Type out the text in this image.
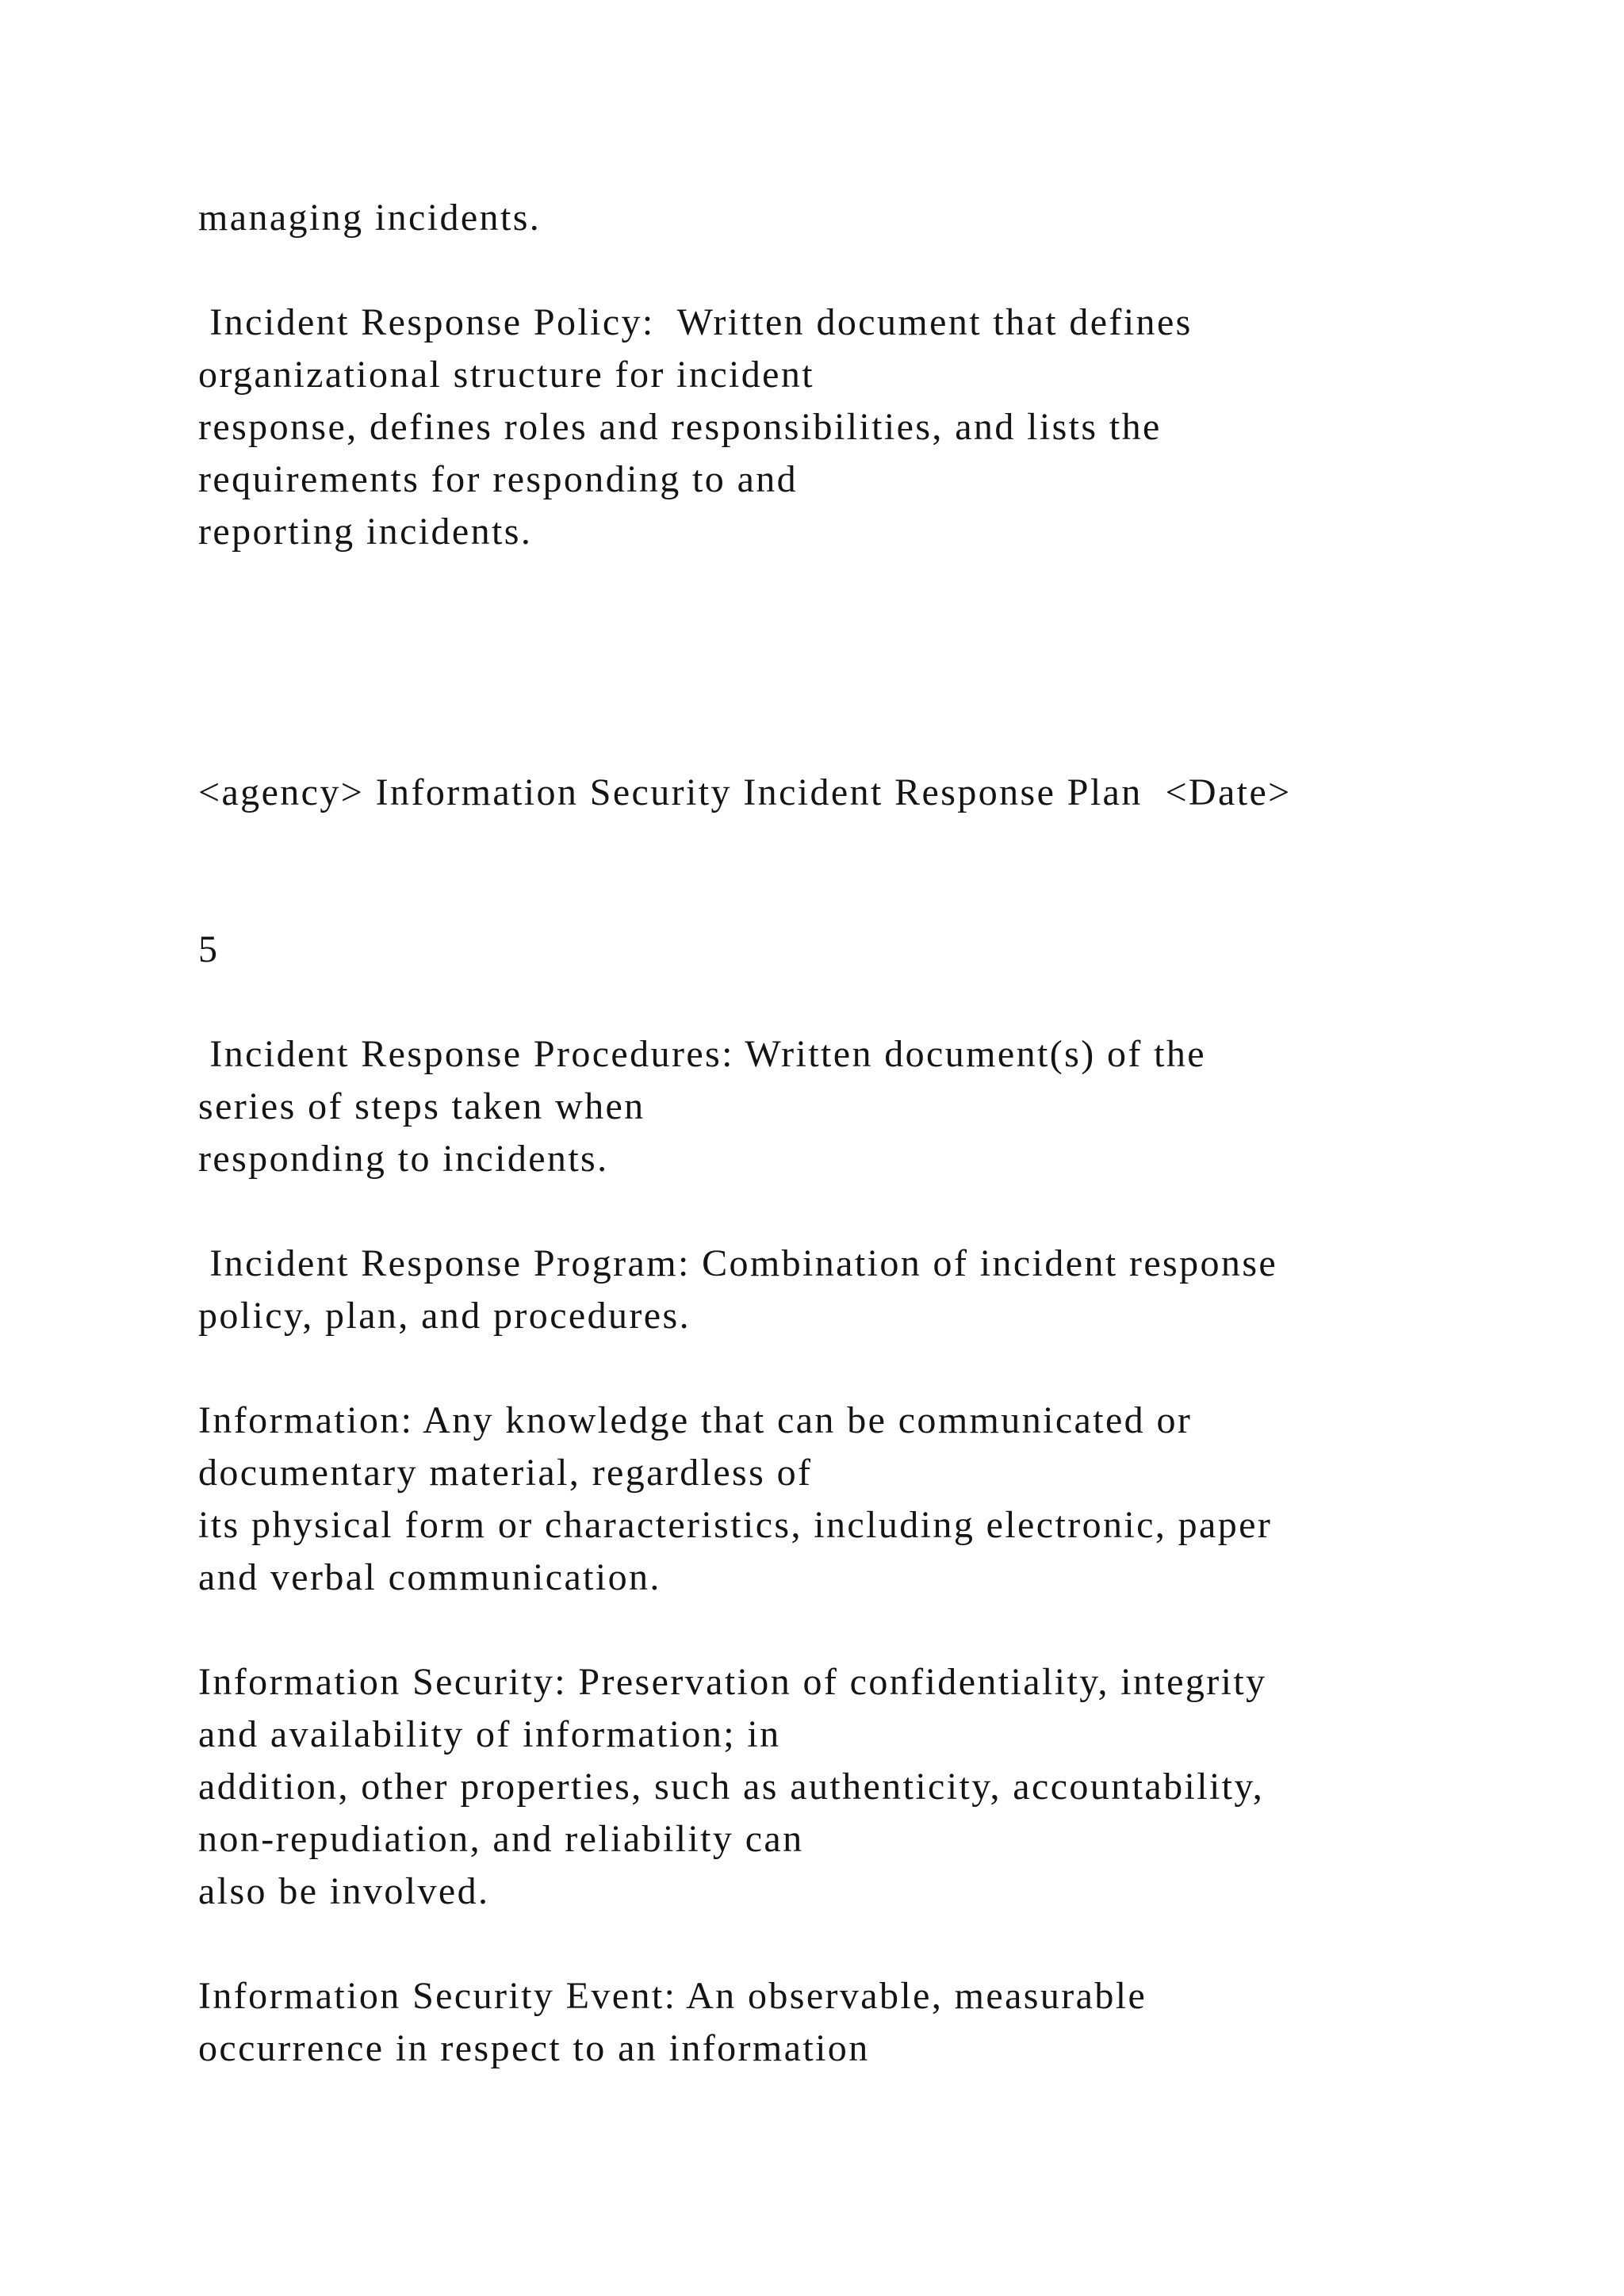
managing incidents.

Incident Response Policy:  Written document that defines

organizational structure for incident

response, defines roles and responsibilities, and lists the

requirements for responding to and

reporting incidents.

<agency> Information Security Incident Response Plan  <Date>

5

Incident Response Procedures: Written document(s) of the

series of steps taken when

responding to incidents.

Incident Response Program: Combination of incident response

policy, plan, and procedures.

Information: Any knowledge that can be communicated or

documentary material, regardless of

its physical form or characteristics, including electronic, paper

and verbal communication.

Information Security: Preservation of confidentiality, integrity

and availability of information; in

addition, other properties, such as authenticity, accountability,

non-repudiation, and reliability can

also be involved.

Information Security Event: An observable, measurable

occurrence in respect to an information
